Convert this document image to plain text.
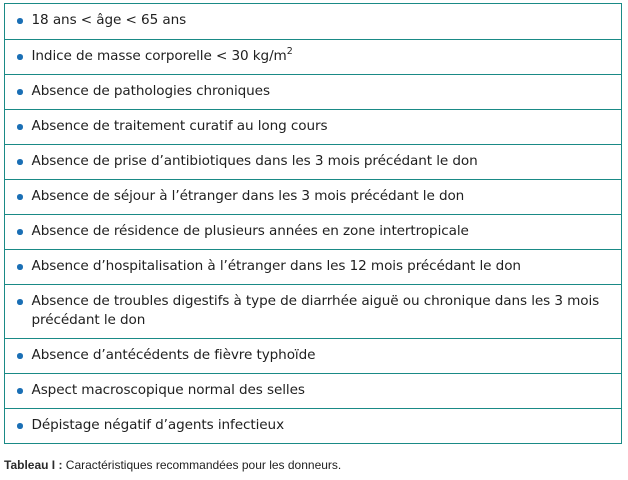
18 ans < âge < 65 ans
Indice de masse corporelle < 30 $kg/m^2$
Absence de pathologies chroniques
Absence de traitement curatif au long cours
Absence de prise d’antibiotiques dans les 3 mois précédant le don
Absence de séjour à l’étranger dans les 3 mois précédant le don
Absence de résidence de plusieurs années en zone intertropicale
Absence d’hospitalisation à l’étranger dans les 12 mois précédant le don
Absence de troubles digestifs à type de diarrhée aiguë ou chronique dans les 3 mois précédant le don
Absence d’antécédents de fièvre typhoïde
Aspect macroscopique normal des selles
Dépistage négatif d’agents infectieux
Tableau I : Caractéristiques recommandées pour les donneurs.
